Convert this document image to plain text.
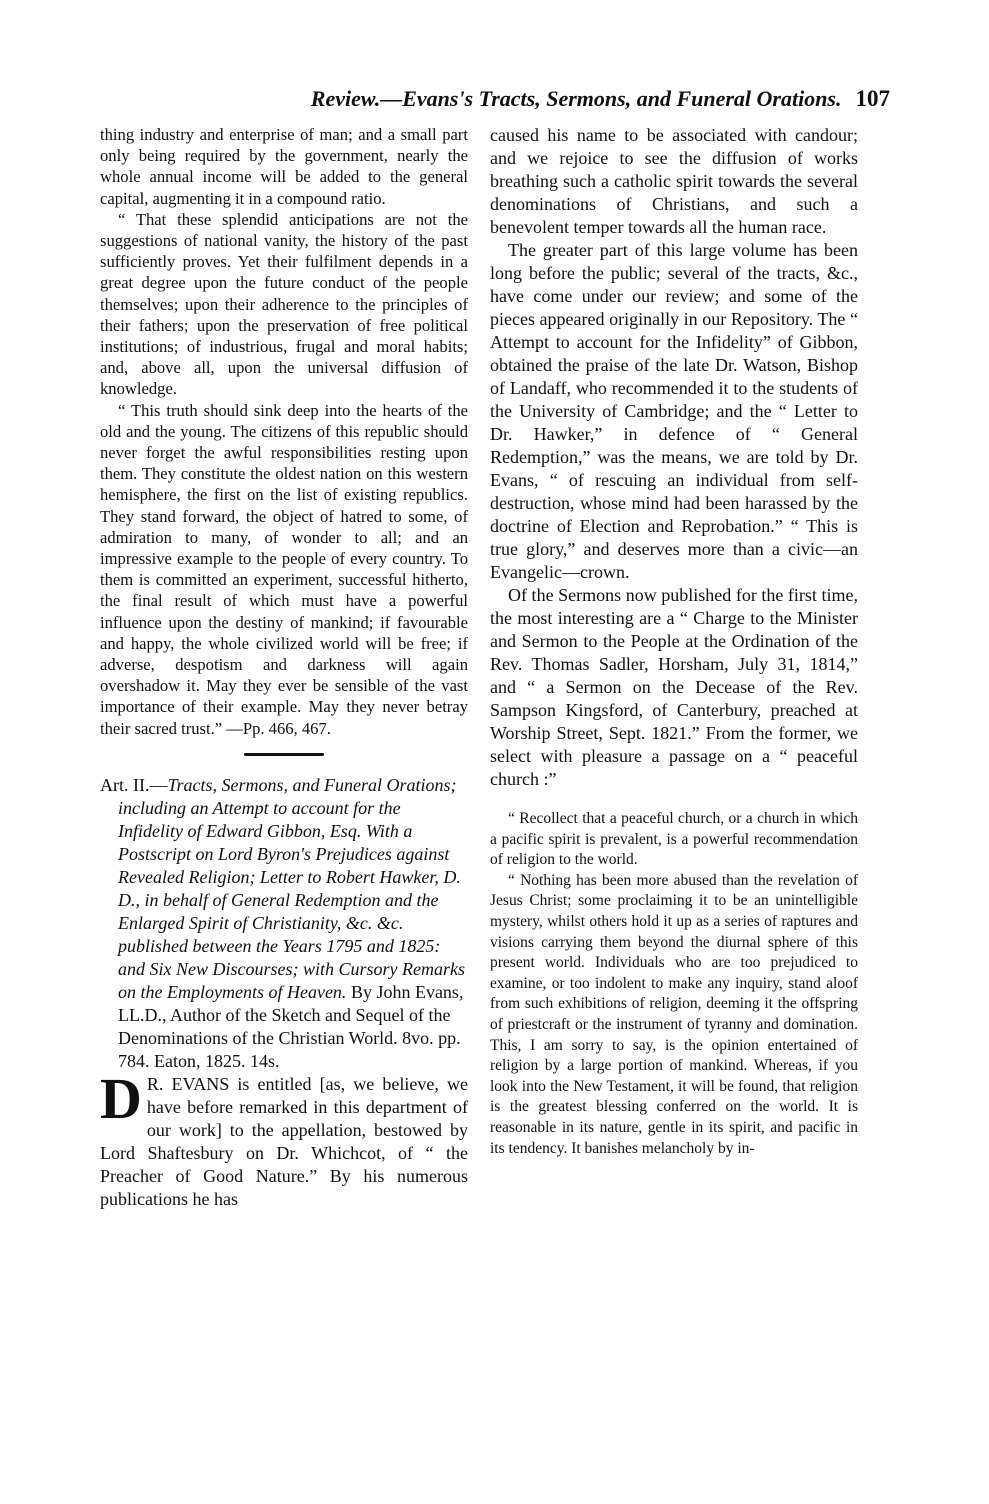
Review.—Evans's Tracts, Sermons, and Funeral Orations. 107

thing industry and enterprise of man; and a small part only being required by the government, nearly the whole annual income will be added to the general capital, augmenting it in a compound ratio.

“ That these splendid anticipations are not the suggestions of national vanity, the history of the past sufficiently proves. Yet their fulfilment depends in a great degree upon the future conduct of the people themselves; upon their adherence to the principles of their fathers; upon the preservation of free political institutions; of industrious, frugal and moral habits; and, above all, upon the universal diffusion of knowledge.

“ This truth should sink deep into the hearts of the old and the young. The citizens of this republic should never forget the awful responsibilities resting upon them. They constitute the oldest nation on this western hemisphere, the first on the list of existing republics. They stand forward, the object of hatred to some, of admiration to many, of wonder to all; and an impressive example to the people of every country. To them is committed an experiment, successful hitherto, the final result of which must have a powerful influence upon the destiny of mankind; if favourable and happy, the whole civilized world will be free; if adverse, despotism and darkness will again overshadow it. May they ever be sensible of the vast importance of their example. May they never betray their sacred trust.” —Pp. 466, 467.

Art. II.—Tracts, Sermons, and Funeral Orations; including an Attempt to account for the Infidelity of Edward Gibbon, Esq. With a Postscript on Lord Byron's Prejudices against Revealed Religion; Letter to Robert Hawker, D. D., in behalf of General Redemption and the Enlarged Spirit of Christianity, &c. &c. published between the Years 1795 and 1825: and Six New Discourses; with Cursory Remarks on the Employments of Heaven. By John Evans, LL.D., Author of the Sketch and Sequel of the Denominations of the Christian World. 8vo. pp. 784. Eaton, 1825. 14s.

D R. EVANS is entitled [as, we believe, we have before remarked in this department of our work] to the appellation, bestowed by Lord Shaftesbury on Dr. Whichcot, of “ the Preacher of Good Nature.” By his numerous publications he has

caused his name to be associated with candour; and we rejoice to see the diffusion of works breathing such a catholic spirit towards the several denominations of Christians, and such a benevolent temper towards all the human race.

The greater part of this large volume has been long before the public; several of the tracts, &c., have come under our review; and some of the pieces appeared originally in our Repository. The “ Attempt to account for the Infidelity” of Gibbon, obtained the praise of the late Dr. Watson, Bishop of Landaff, who recommended it to the students of the University of Cambridge; and the “ Letter to Dr. Hawker,” in defence of “ General Redemption,” was the means, we are told by Dr. Evans, “ of rescuing an individual from self-destruction, whose mind had been harassed by the doctrine of Election and Reprobation.” “ This is true glory,” and deserves more than a civic—an Evangelic—crown.

Of the Sermons now published for the first time, the most interesting are a “ Charge to the Minister and Sermon to the People at the Ordination of the Rev. Thomas Sadler, Horsham, July 31, 1814,” and “ a Sermon on the Decease of the Rev. Sampson Kingsford, of Canterbury, preached at Worship Street, Sept. 1821.” From the former, we select with pleasure a passage on a “ peaceful church :”

“ Recollect that a peaceful church, or a church in which a pacific spirit is prevalent, is a powerful recommendation of religion to the world.

“ Nothing has been more abused than the revelation of Jesus Christ; some proclaiming it to be an unintelligible mystery, whilst others hold it up as a series of raptures and visions carrying them beyond the diurnal sphere of this present world. Individuals who are too prejudiced to examine, or too indolent to make any inquiry, stand aloof from such exhibitions of religion, deeming it the offspring of priestcraft or the instrument of tyranny and domination. This, I am sorry to say, is the opinion entertained of religion by a large portion of mankind. Whereas, if you look into the New Testament, it will be found, that religion is the greatest blessing conferred on the world. It is reasonable in its nature, gentle in its spirit, and pacific in its tendency. It banishes melancholy by in-
